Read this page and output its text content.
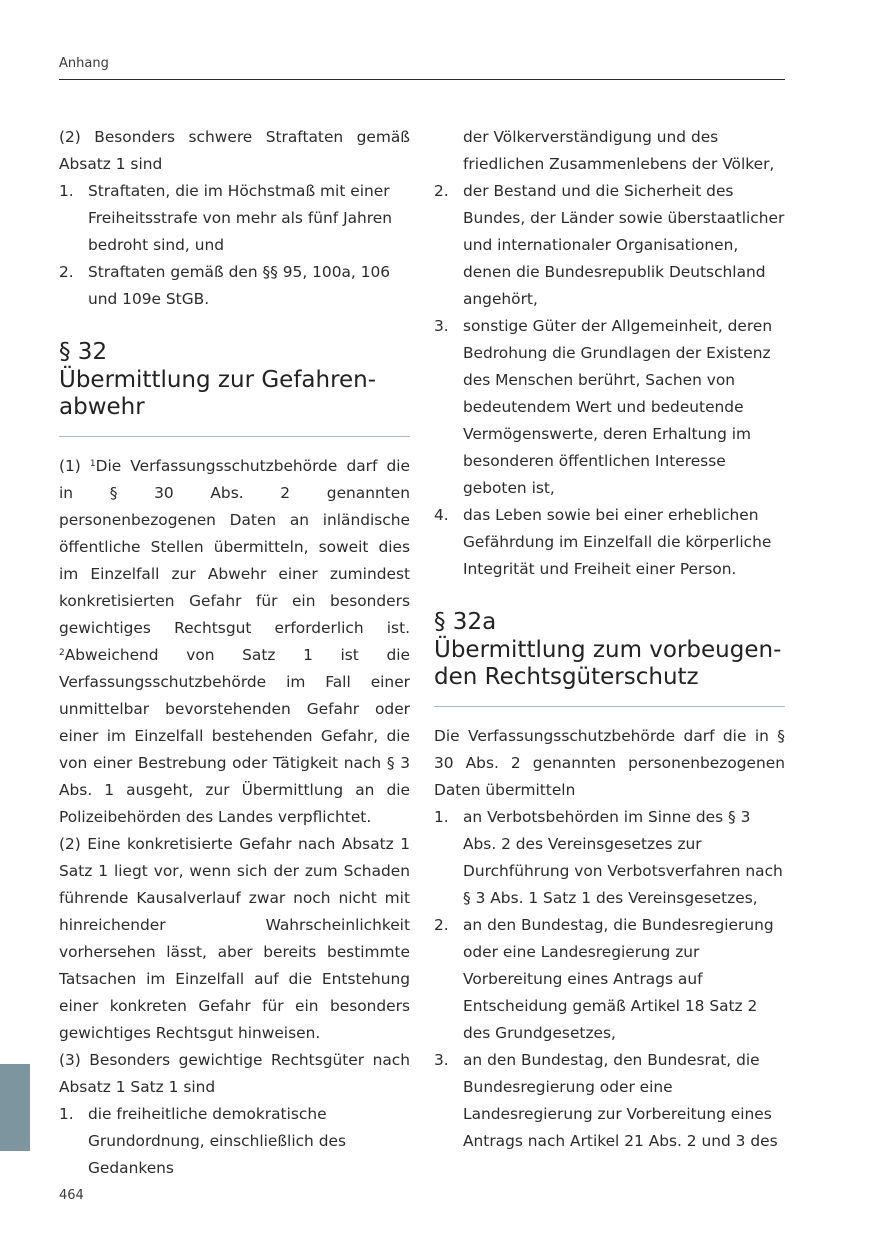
Anhang

(2) Besonders schwere Straftaten gemäß Absatz 1 sind

1. Straftaten, die im Höchstmaß mit einer Freiheitsstrafe von mehr als fünf Jahren bedroht sind, und
2. Straftaten gemäß den §§ 95, 100a, 106 und 109e StGB.
§ 32
Übermittlung zur Gefahren-
abwehr

(1) $^1$Die Verfassungsschutzbehörde darf die in § 30 Abs. 2 genannten personenbezogenen Daten an inländische öffentliche Stellen übermitteln, soweit dies im Einzelfall zur Abwehr einer zumindest konkretisierten Gefahr für ein besonders gewichtiges Rechtsgut erforderlich ist. $^2$Abweichend von Satz 1 ist die Verfassungsschutzbehörde im Fall einer unmittelbar bevorstehenden Gefahr oder einer im Einzelfall bestehenden Gefahr, die von einer Bestrebung oder Tätigkeit nach § 3 Abs. 1 ausgeht, zur Übermittlung an die Polizeibehörden des Landes verpflichtet.

(2) Eine konkretisierte Gefahr nach Absatz 1 Satz 1 liegt vor, wenn sich der zum Schaden führende Kausalverlauf zwar noch nicht mit hinreichender Wahrscheinlichkeit vorhersehen lässt, aber bereits bestimmte Tatsachen im Einzelfall auf die Entstehung einer konkreten Gefahr für ein besonders gewichtiges Rechtsgut hinweisen.

(3) Besonders gewichtige Rechtsgüter nach Absatz 1 Satz 1 sind

1. die freiheitliche demokratische Grundordnung, einschließlich des Gedankens
der Völkerverständigung und des friedlichen Zusammenlebens der Völker,
2. der Bestand und die Sicherheit des Bundes, der Länder sowie überstaatlicher und internationaler Organisationen, denen die Bundesrepublik Deutschland angehört,
3. sonstige Güter der Allgemeinheit, deren Bedrohung die Grundlagen der Existenz des Menschen berührt, Sachen von bedeutendem Wert und bedeutende Vermögenswerte, deren Erhaltung im besonderen öffentlichen Interesse geboten ist,
4. das Leben sowie bei einer erheblichen Gefährdung im Einzelfall die körperliche Integrität und Freiheit einer Person.
§ 32a
Übermittlung zum vorbeugen-
den Rechtsgüterschutz

Die Verfassungsschutzbehörde darf die in § 30 Abs. 2 genannten personenbezogenen Daten übermitteln

1. an Verbotsbehörden im Sinne des § 3 Abs. 2 des Vereinsgesetzes zur Durchführung von Verbotsverfahren nach § 3 Abs. 1 Satz 1 des Vereinsgesetzes,
2. an den Bundestag, die Bundesregierung oder eine Landesregierung zur Vorbereitung eines Antrags auf Entscheidung gemäß Artikel 18 Satz 2 des Grundgesetzes,
3. an den Bundestag, den Bundesrat, die Bundesregierung oder eine Landesregierung zur Vorbereitung eines Antrags nach Artikel 21 Abs. 2 und 3 des
464
